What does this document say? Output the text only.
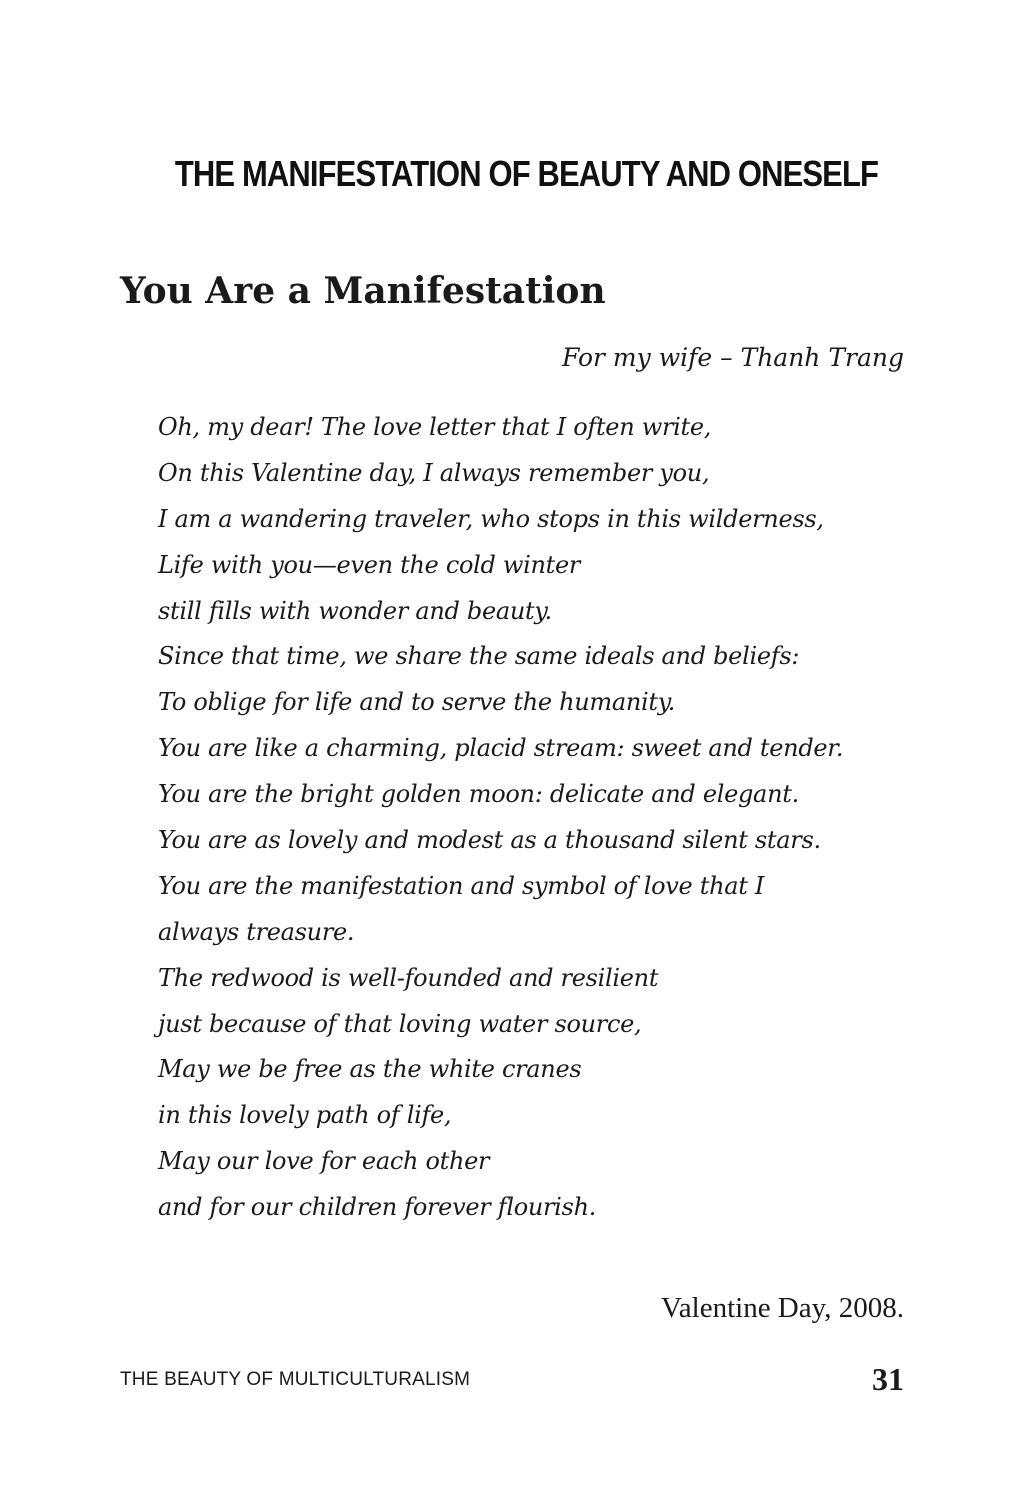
THE MANIFESTATION OF BEAUTY AND ONESELF
You Are a Manifestation
For my wife – Thanh Trang
Oh, my dear! The love letter that I often write,
On this Valentine day, I always remember you,
I am a wandering traveler, who stops in this wilderness,
Life with you—even the cold winter
still fills with wonder and beauty.
Since that time, we share the same ideals and beliefs:
To oblige for life and to serve the humanity.
You are like a charming, placid stream: sweet and tender.
You are the bright golden moon: delicate and elegant.
You are as lovely and modest as a thousand silent stars.
You are the manifestation and symbol of love that I
always treasure.
The redwood is well-founded and resilient
just because of that loving water source,
May we be free as the white cranes
in this lovely path of life,
May our love for each other
and for our children forever flourish.
Valentine Day, 2008.
THE BEAUTY OF MULTICULTURALISM	31
